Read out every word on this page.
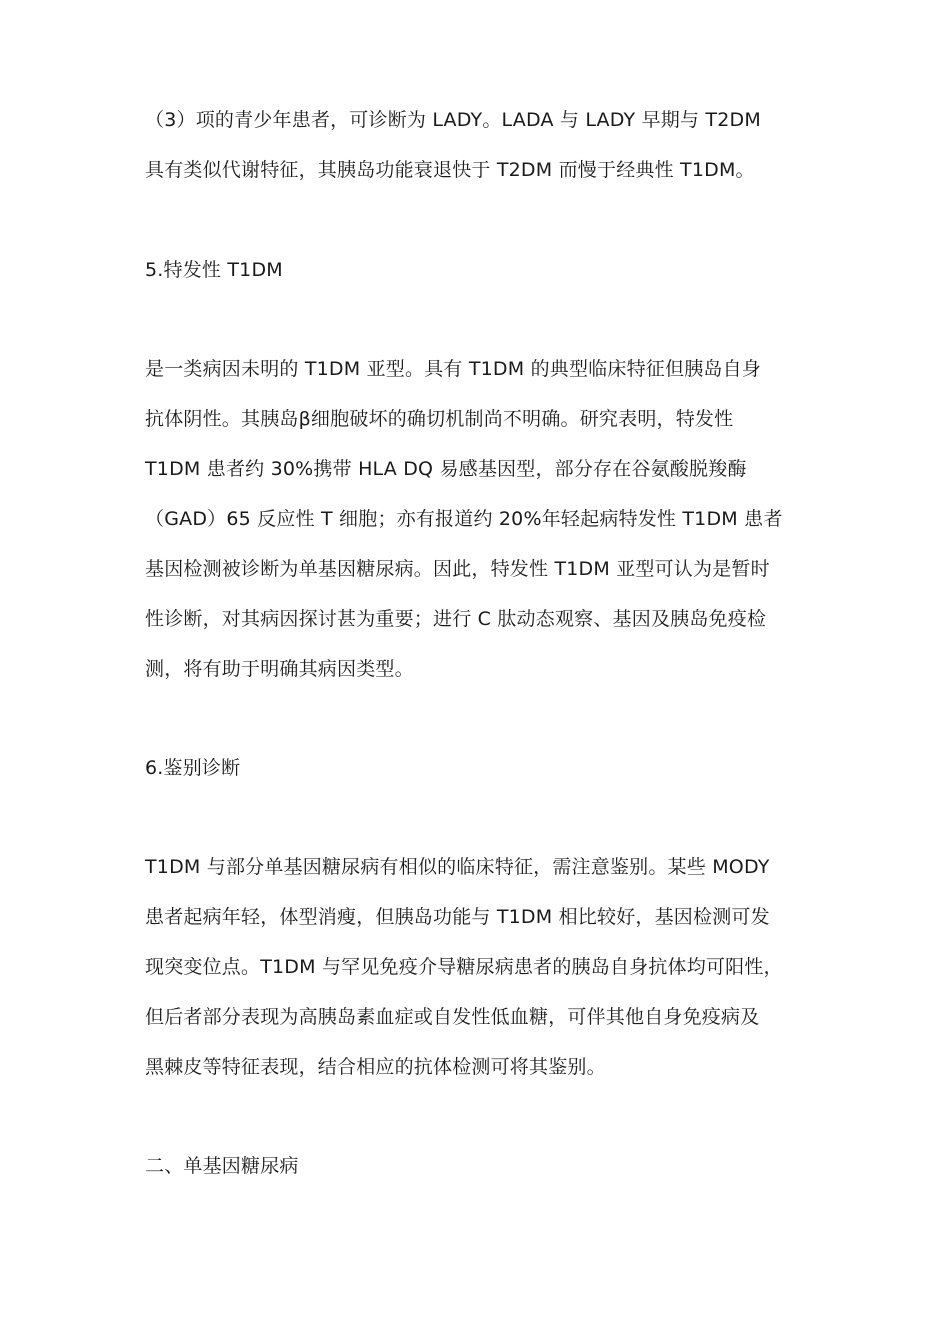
（3）项的青少年患者，可诊断为 LADY。LADA 与 LADY 早期与 T2DM
具有类似代谢特征，其胰岛功能衰退快于 T2DM 而慢于经典性 T1DM。
5.特发性 T1DM
是一类病因未明的 T1DM 亚型。具有 T1DM 的典型临床特征但胰岛自身
抗体阴性。其胰岛β细胞破坏的确切机制尚不明确。研究表明，特发性
T1DM 患者约 30%携带 HLA DQ 易感基因型，部分存在谷氨酸脱羧酶
（GAD）65 反应性 T 细胞；亦有报道约 20%年轻起病特发性 T1DM 患者
基因检测被诊断为单基因糖尿病。因此，特发性 T1DM 亚型可认为是暂时
性诊断，对其病因探讨甚为重要；进行 C 肽动态观察、基因及胰岛免疫检
测，将有助于明确其病因类型。
6.鉴别诊断
T1DM 与部分单基因糖尿病有相似的临床特征，需注意鉴别。某些 MODY
患者起病年轻，体型消瘦，但胰岛功能与 T1DM 相比较好，基因检测可发
现突变位点。T1DM 与罕见免疫介导糖尿病患者的胰岛自身抗体均可阳性，
但后者部分表现为高胰岛素血症或自发性低血糖，可伴其他自身免疫病及
黑棘皮等特征表现，结合相应的抗体检测可将其鉴别。
二、单基因糖尿病
